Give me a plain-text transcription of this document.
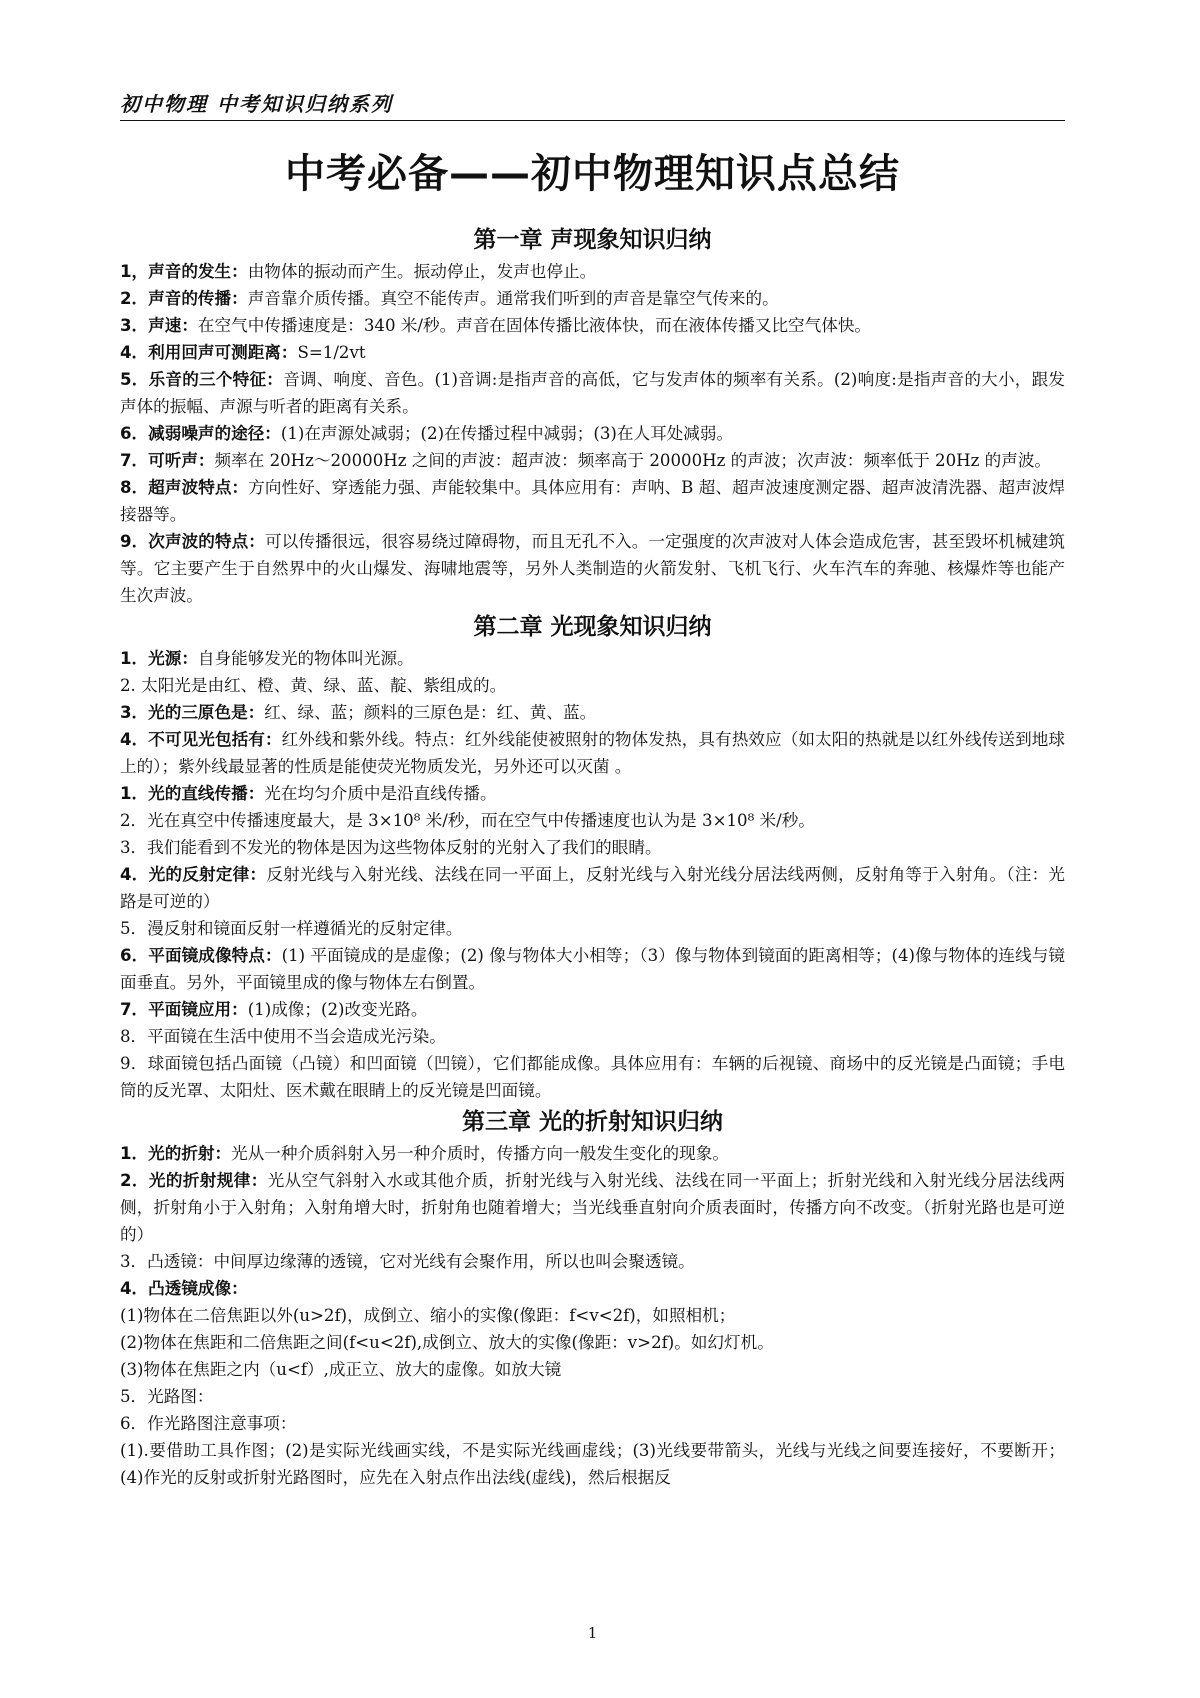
初中物理 中考知识归纳系列
中考必备——初中物理知识点总结
第一章 声现象知识归纳

1，声音的发生：由物体的振动而产生。振动停止，发声也停止。

2．声音的传播：声音靠介质传播。真空不能传声。通常我们听到的声音是靠空气传来的。

3．声速：在空气中传播速度是：340 米/秒。声音在固体传播比液体快，而在液体传播又比空气体快。

4．利用回声可测距离：S=1/2vt

5．乐音的三个特征：音调、响度、音色。(1)音调:是指声音的高低，它与发声体的频率有关系。(2)响度:是指声音的大小，跟发声体的振幅、声源与听者的距离有关系。

6．减弱噪声的途径：(1)在声源处减弱；(2)在传播过程中减弱；(3)在人耳处减弱。

7．可听声：频率在 20Hz～20000Hz 之间的声波：超声波：频率高于 20000Hz 的声波；次声波：频率低于 20Hz 的声波。

8．超声波特点：方向性好、穿透能力强、声能较集中。具体应用有：声呐、B 超、超声波速度测定器、超声波清洗器、超声波焊接器等。

9．次声波的特点：可以传播很远，很容易绕过障碍物，而且无孔不入。一定强度的次声波对人体会造成危害，甚至毁坏机械建筑等。它主要产生于自然界中的火山爆发、海啸地震等，另外人类制造的火箭发射、飞机飞行、火车汽车的奔驰、核爆炸等也能产生次声波。

第二章 光现象知识归纳

1．光源：自身能够发光的物体叫光源。

2. 太阳光是由红、橙、黄、绿、蓝、靛、紫组成的。

3．光的三原色是：红、绿、蓝；颜料的三原色是：红、黄、蓝。

4．不可见光包括有：红外线和紫外线。特点：红外线能使被照射的物体发热，具有热效应（如太阳的热就是以红外线传送到地球上的）；紫外线最显著的性质是能使荧光物质发光，另外还可以灭菌 。

1．光的直线传播：光在均匀介质中是沿直线传播。

2．光在真空中传播速度最大，是 3×10⁸ 米/秒，而在空气中传播速度也认为是 3×10⁸ 米/秒。

3．我们能看到不发光的物体是因为这些物体反射的光射入了我们的眼睛。

4．光的反射定律：反射光线与入射光线、法线在同一平面上，反射光线与入射光线分居法线两侧，反射角等于入射角。（注：光路是可逆的）

5．漫反射和镜面反射一样遵循光的反射定律。

6．平面镜成像特点：(1) 平面镜成的是虚像；(2) 像与物体大小相等；（3）像与物体到镜面的距离相等；(4)像与物体的连线与镜面垂直。另外，平面镜里成的像与物体左右倒置。

7．平面镜应用：(1)成像；(2)改变光路。

8．平面镜在生活中使用不当会造成光污染。

9．球面镜包括凸面镜（凸镜）和凹面镜（凹镜），它们都能成像。具体应用有：车辆的后视镜、商场中的反光镜是凸面镜；手电筒的反光罩、太阳灶、医术戴在眼睛上的反光镜是凹面镜。

第三章 光的折射知识归纳

1．光的折射：光从一种介质斜射入另一种介质时，传播方向一般发生变化的现象。

2．光的折射规律：光从空气斜射入水或其他介质，折射光线与入射光线、法线在同一平面上；折射光线和入射光线分居法线两侧，折射角小于入射角；入射角增大时，折射角也随着增大；当光线垂直射向介质表面时，传播方向不改变。（折射光路也是可逆的）

3．凸透镜：中间厚边缘薄的透镜，它对光线有会聚作用，所以也叫会聚透镜。

4．凸透镜成像：

(1)物体在二倍焦距以外(u>2f)，成倒立、缩小的实像(像距：f<v<2f)，如照相机；

(2)物体在焦距和二倍焦距之间(f<u<2f),成倒立、放大的实像(像距：v>2f)。如幻灯机。

(3)物体在焦距之内（u<f）,成正立、放大的虚像。如放大镜

5．光路图：

6．作光路图注意事项：

(1).要借助工具作图；(2)是实际光线画实线，不是实际光线画虚线；(3)光线要带箭头，光线与光线之间要连接好，不要断开；(4)作光的反射或折射光路图时，应先在入射点作出法线(虚线)，然后根据反

1
